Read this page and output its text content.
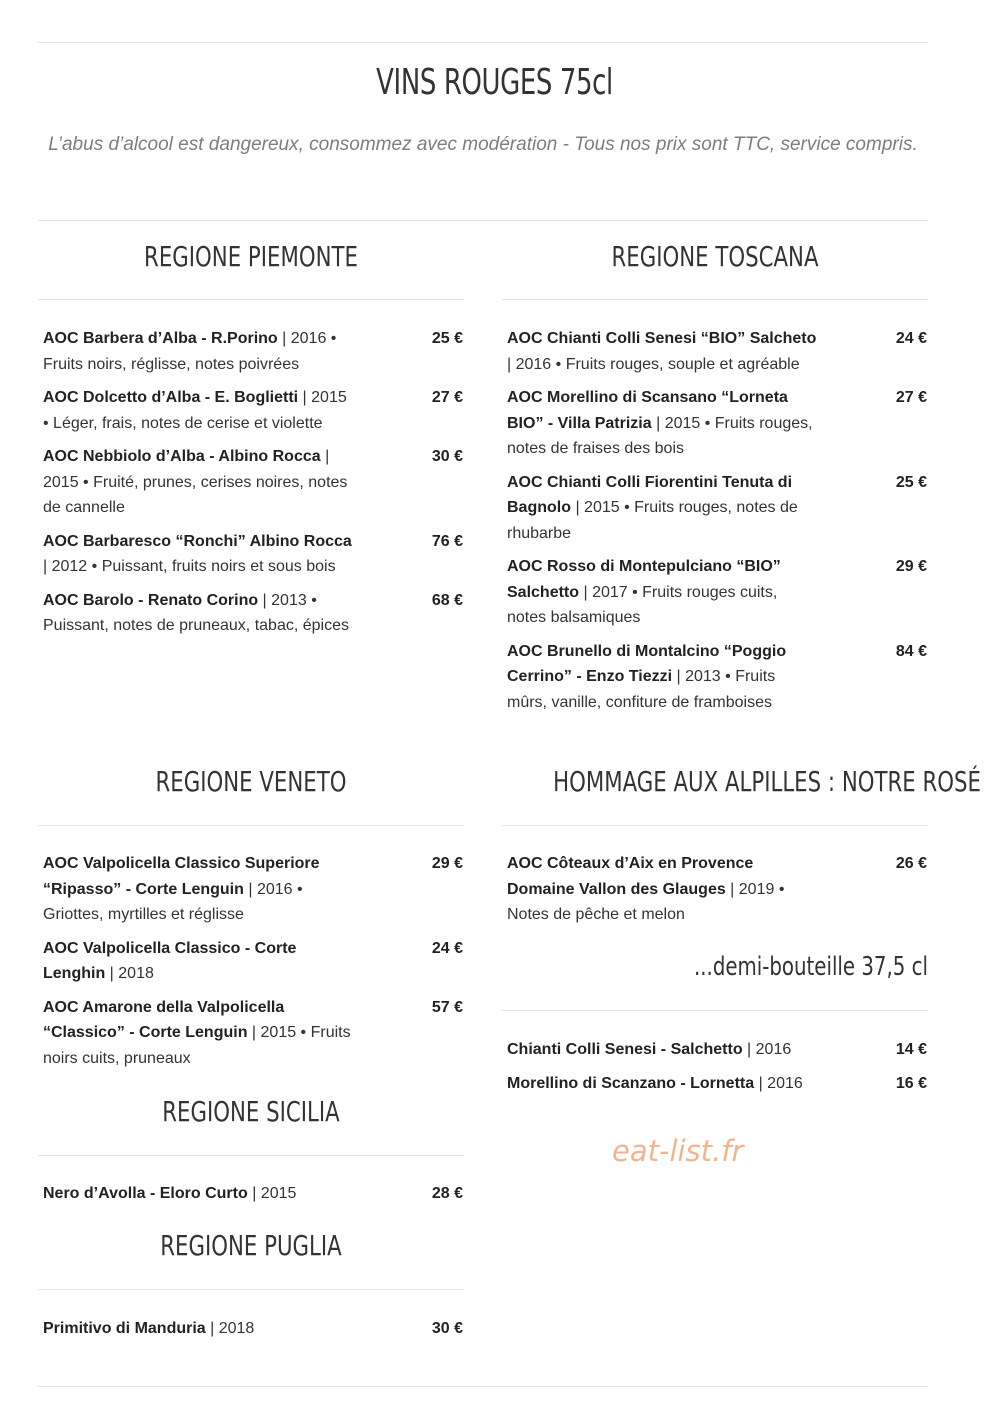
VINS ROUGES 75cl
L’abus d’alcool est dangereux, consommez avec modération - Tous nos prix sont TTC, service compris.
REGIONE PIEMONTE
AOC Barbera d’Alba - R.Porino | 2016 • Fruits noirs, réglisse, notes poivrées
25 €
AOC Dolcetto d’Alba - E. Boglietti | 2015 • Léger, frais, notes de cerise et violette
27 €
AOC Nebbiolo d’Alba - Albino Rocca | 2015 • Fruité, prunes, cerises noires, notes de cannelle
30 €
AOC Barbaresco “Ronchi” Albino Rocca | 2012 • Puissant, fruits noirs et sous bois
76 €
AOC Barolo - Renato Corino | 2013 • Puissant, notes de pruneaux, tabac, épices
68 €
REGIONE VENETO
AOC Valpolicella Classico Superiore “Ripasso” - Corte Lenguin | 2016 • Griottes, myrtilles et réglisse
29 €
AOC Valpolicella Classico - Corte Lenghin | 2018
24 €
AOC Amarone della Valpolicella “Classico” - Corte Lenguin | 2015 • Fruits noirs cuits, pruneaux
57 €
REGIONE SICILIA
Nero d’Avolla - Eloro Curto | 2015	28 €
REGIONE PUGLIA
Primitivo di Manduria | 2018	30 €
REGIONE TOSCANA
AOC Chianti Colli Senesi “BIO” Salcheto | 2016 • Fruits rouges, souple et agréable
24 €
AOC Morellino di Scansano “Lorneta BIO” - Villa Patrizia | 2015 • Fruits rouges, notes de fraises des bois
27 €
AOC Chianti Colli Fiorentini Tenuta di Bagnolo | 2015 • Fruits rouges, notes de rhubarbe
25 €
AOC Rosso di Montepulciano “BIO” Salchetto | 2017 • Fruits rouges cuits, notes balsamiques
29 €
AOC Brunello di Montalcino “Poggio Cerrino” - Enzo Tiezzi | 2013 • Fruits mûrs, vanille, confiture de framboises
84 €
HOMMAGE AUX ALPILLES : NOTRE ROSÉ
AOC Côteaux d’Aix en Provence Domaine Vallon des Glauges | 2019 • Notes de pêche et melon
26 €
...demi-bouteille 37,5 cl
Chianti Colli Senesi - Salchetto | 2016	14 €
Morellino di Scanzano - Lornetta | 2016	16 €
eat-list.fr
